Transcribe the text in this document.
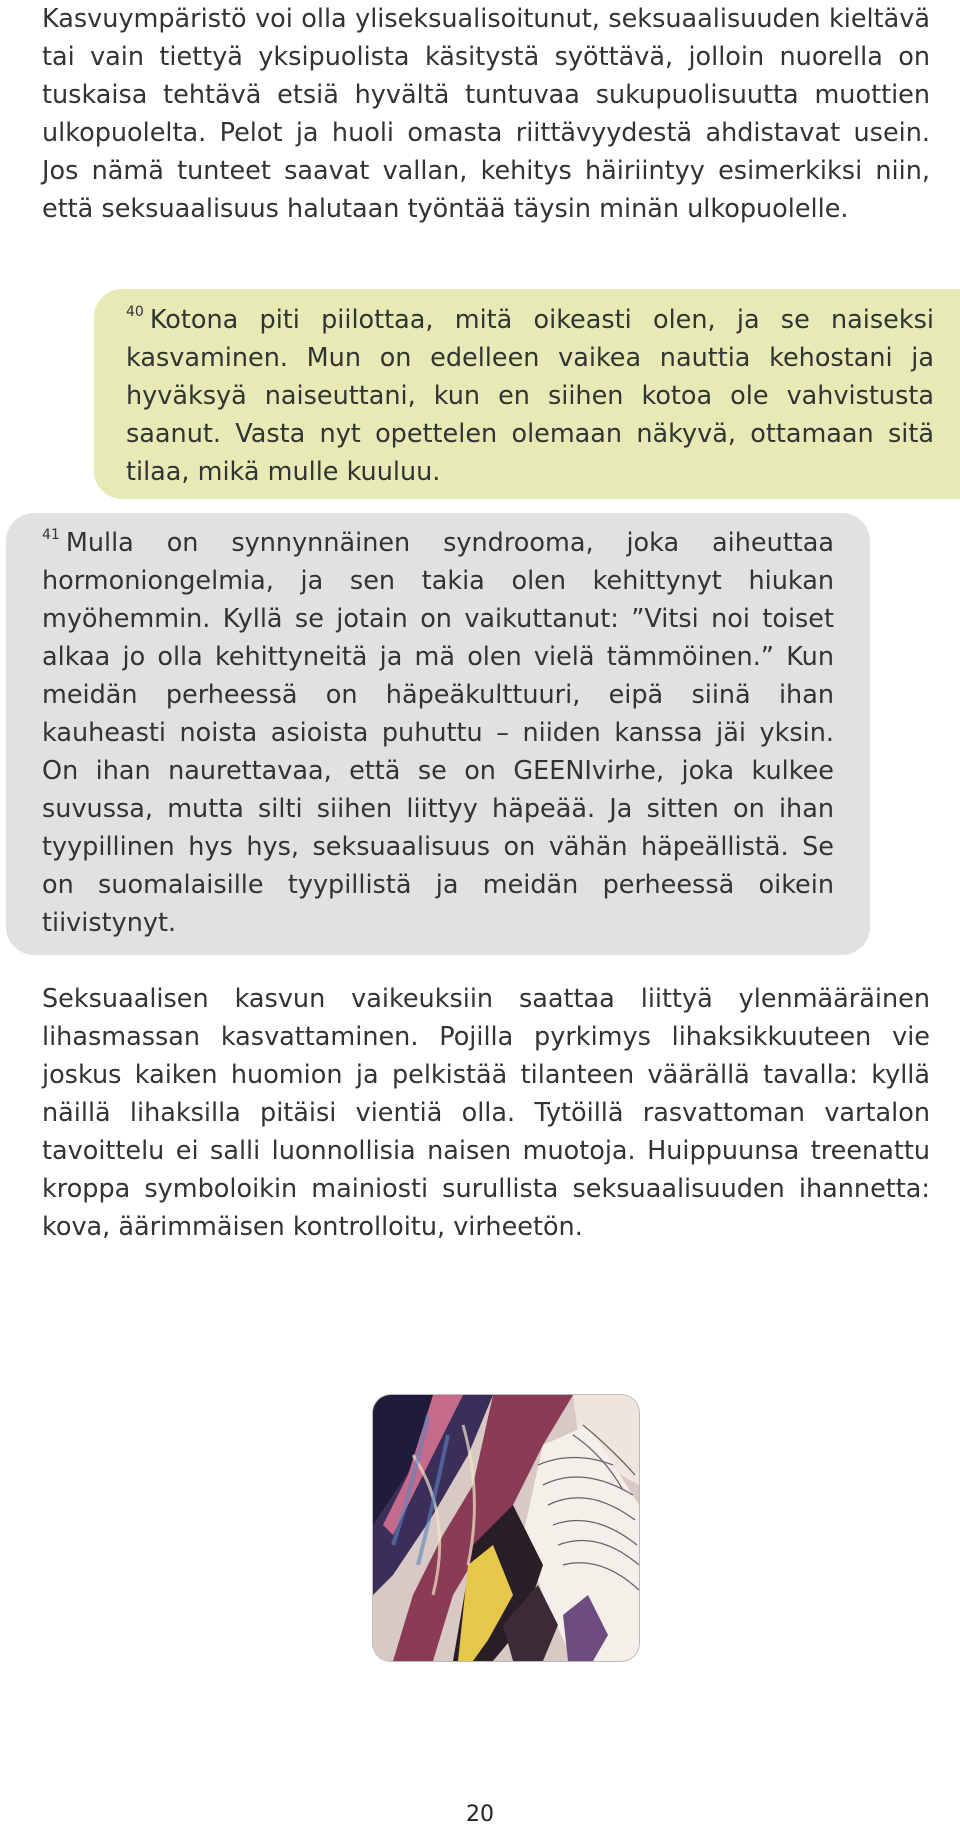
Kasvuympäristö voi olla yliseksualisoitunut, seksuaalisuuden kieltävä tai vain tiettyä yksipuolista käsitystä syöttävä, jolloin nuorella on tuskaisa tehtävä etsiä hyvältä tuntuvaa sukupuolisuutta muottien ulkopuolelta. Pelot ja huoli omasta riittävyydestä ahdistavat usein. Jos nämä tunteet saavat vallan, kehitys häiriintyy esimerkiksi niin, että seksuaalisuus halutaan työntää täysin minän ulkopuolelle.

$^{40}$ Kotona piti piilottaa, mitä oikeasti olen, ja se naiseksi kasvaminen. Mun on edelleen vaikea nauttia kehostani ja hyväksyä naiseuttani, kun en siihen kotoa ole vahvistusta saanut. Vasta nyt opettelen olemaan näkyvä, ottamaan sitä tilaa, mikä mulle kuuluu.

$^{41}$ Mulla on synnynnäinen syndrooma, joka aiheuttaa hormoniongelmia, ja sen takia olen kehittynyt hiukan myöhemmin. Kyllä se jotain on vaikuttanut: ”Vitsi noi toiset alkaa jo olla kehittyneitä ja mä olen vielä tämmöinen.” Kun meidän perheessä on häpeäkulttuuri, eipä siinä ihan kauheasti noista asioista puhuttu – niiden kanssa jäi yksin. On ihan naurettavaa, että se on GEENIvirhe, joka kulkee suvussa, mutta silti siihen liittyy häpeää. Ja sitten on ihan tyypillinen hys hys, seksuaalisuus on vähän häpeällistä. Se on suomalaisille tyypillistä ja meidän perheessä oikein tiivistynyt.

Seksuaalisen kasvun vaikeuksiin saattaa liittyä ylenmääräinen lihasmassan kasvattaminen. Pojilla pyrkimys lihaksikkuuteen vie joskus kaiken huomion ja pelkistää tilanteen väärällä tavalla: kyllä näillä lihaksilla pitäisi vientiä olla. Tytöillä rasvattoman vartalon tavoittelu ei salli luonnollisia naisen muotoja. Huippuunsa treenattu kroppa symboloikin mainiosti surullista seksuaalisuuden ihannetta: kova, äärimmäisen kontrolloitu, virheetön.

20
